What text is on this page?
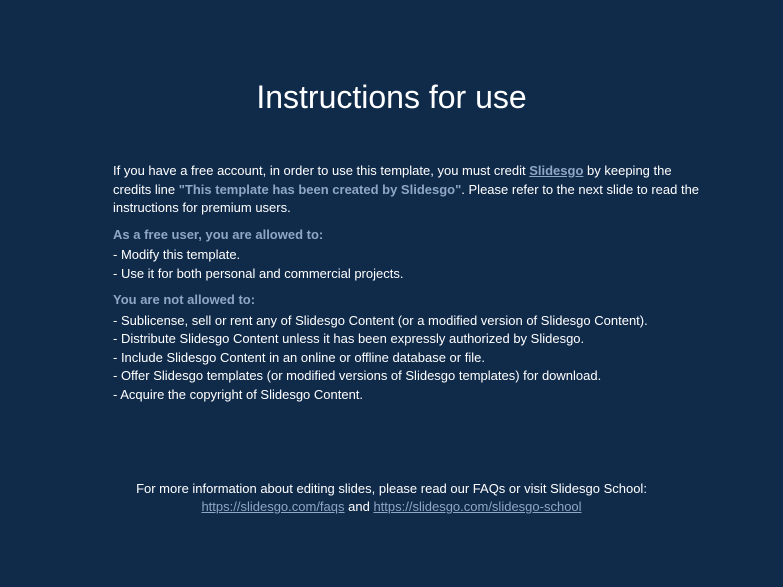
Instructions for use

If you have a free account, in order to use this template, you must credit Slidesgo by keeping the credits line "This template has been created by Slidesgo". Please refer to the next slide to read the instructions for premium users.

As a free user, you are allowed to:

- Modify this template.
- Use it for both personal and commercial projects.

You are not allowed to:

- Sublicense, sell or rent any of Slidesgo Content (or a modified version of Slidesgo Content).
- Distribute Slidesgo Content unless it has been expressly authorized by Slidesgo.
- Include Slidesgo Content in an online or offline database or file.
- Offer Slidesgo templates (or modified versions of Slidesgo templates) for download.
- Acquire the copyright of Slidesgo Content.

For more information about editing slides, please read our FAQs or visit Slidesgo School:
https://slidesgo.com/faqs and https://slidesgo.com/slidesgo-school
